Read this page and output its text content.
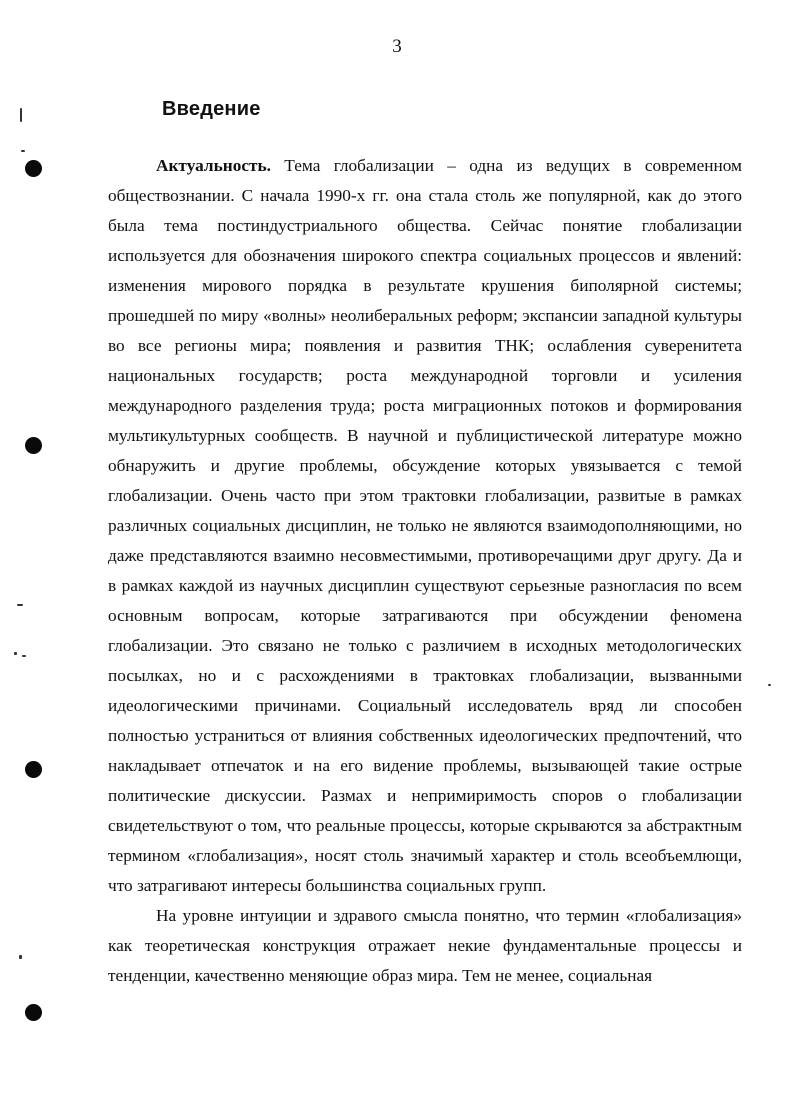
3
Введение

Актуальность. Тема глобализации – одна из ведущих в современном обществознании. С начала 1990-х гг. она стала столь же популярной, как до этого была тема постиндустриального общества. Сейчас понятие глобализации используется для обозначения широкого спектра социальных процессов и явлений: изменения мирового порядка в результате крушения биполярной системы; прошедшей по миру «волны» неолиберальных реформ; экспансии западной культуры во все регионы мира; появления и развития ТНК; ослабления суверенитета национальных государств; роста международной торговли и усиления международного разделения труда; роста миграционных потоков и формирования мультикультурных сообществ. В научной и публицистической литературе можно обнаружить и другие проблемы, обсуждение которых увязывается с темой глобализации. Очень часто при этом трактовки глобализации, развитые в рамках различных социальных дисциплин, не только не являются взаимодополняющими, но даже представляются взаимно несовместимыми, противоречащими друг другу. Да и в рамках каждой из научных дисциплин существуют серьезные разногласия по всем основным вопросам, которые затрагиваются при обсуждении феномена глобализации. Это связано не только с различием в исходных методологических посылках, но и с расхождениями в трактовках глобализации, вызванными идеологическими причинами. Социальный исследователь вряд ли способен полностью устраниться от влияния собственных идеологических предпочтений, что накладывает отпечаток и на его видение проблемы, вызывающей такие острые политические дискуссии. Размах и непримиримость споров о глобализации свидетельствуют о том, что реальные процессы, которые скрываются за абстрактным термином «глобализация», носят столь значимый характер и столь всеобъемлющи, что затрагивают интересы большинства социальных групп.

На уровне интуиции и здравого смысла понятно, что термин «глобализация» как теоретическая конструкция отражает некие фундаментальные процессы и тенденции, качественно меняющие образ мира. Тем не менее, социальная
